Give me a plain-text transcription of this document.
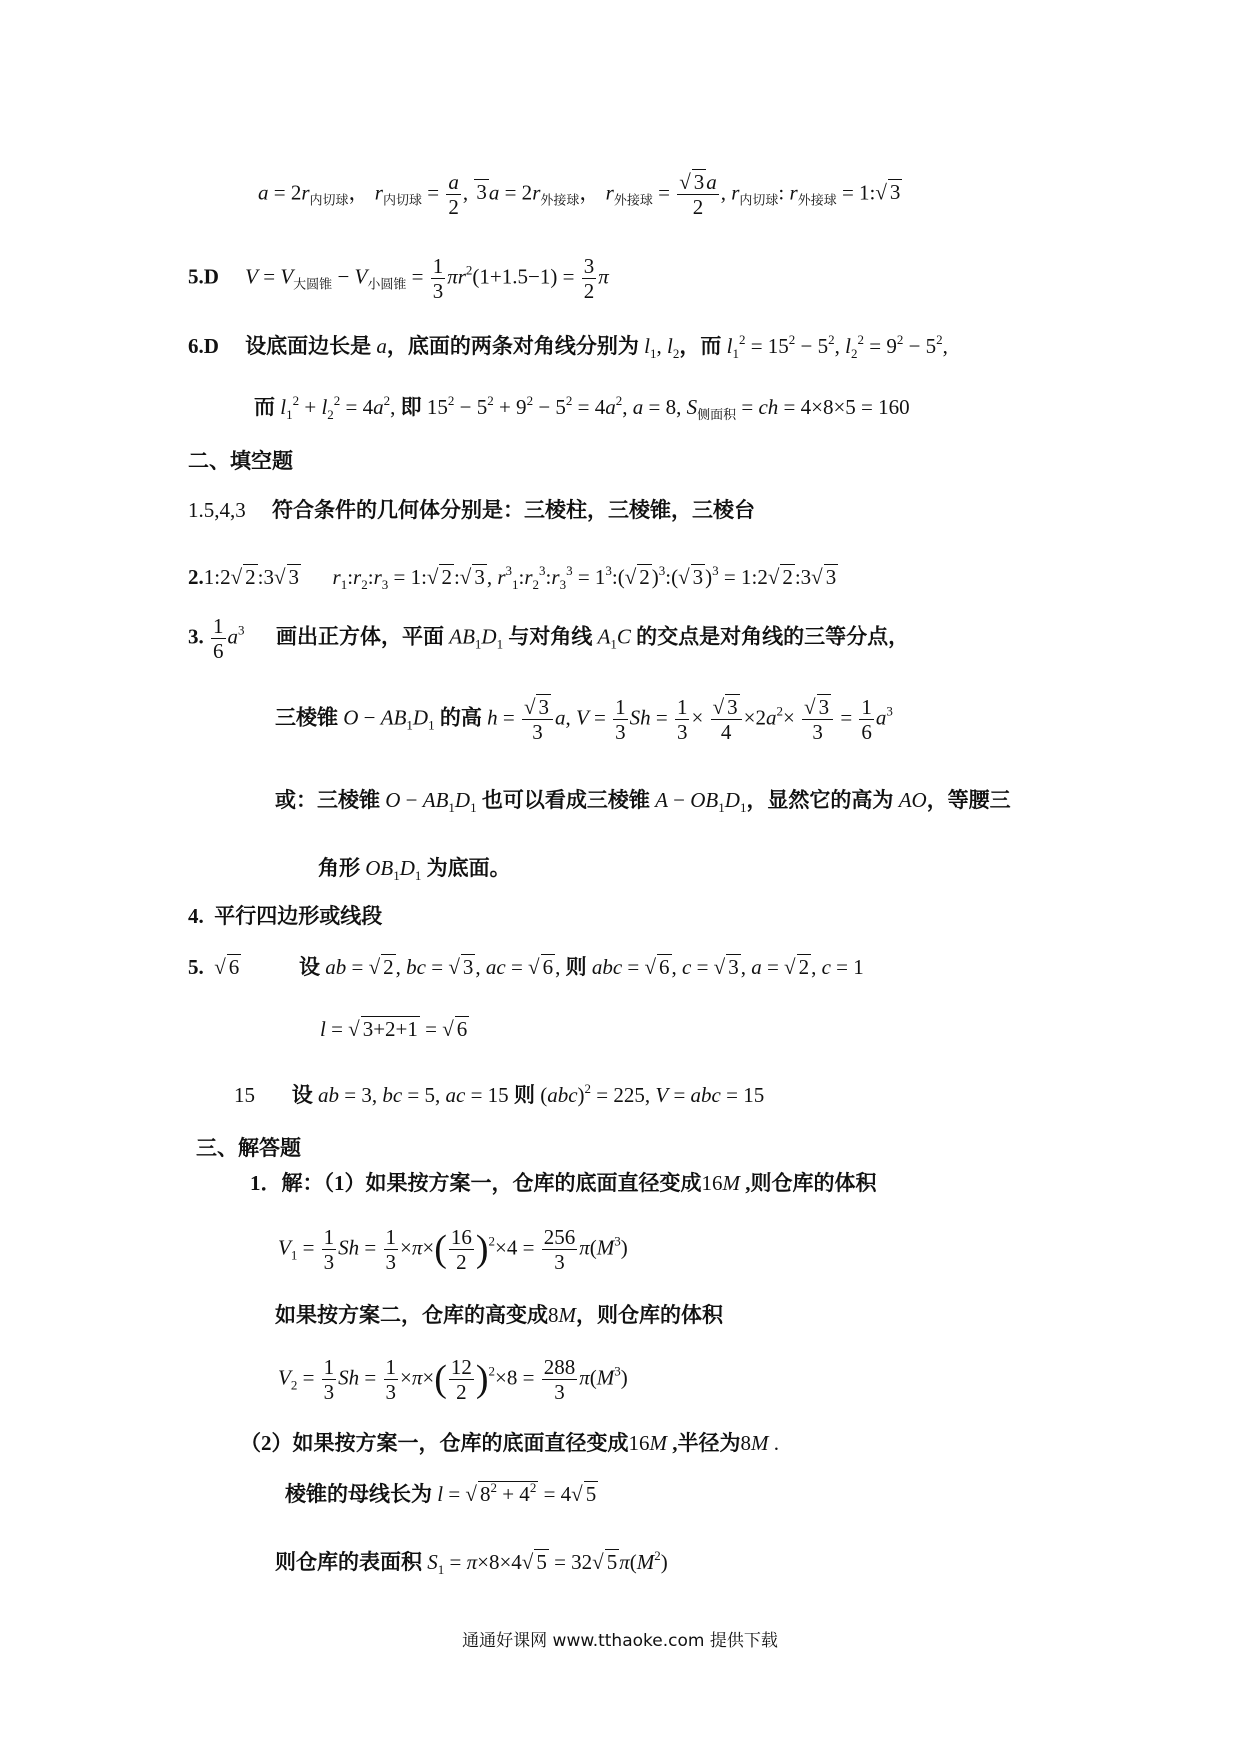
$a = 2r_{内切球}$， $r_{内切球} = \frac{a}{2}$ , $3a = 2r_{外接球}$， $r_{外接球} = \frac{√ 3a}{2}$ , $r_{内切球}$: $r_{外接球}$ = 1:√ 3
5.D $V = V_{大圆锥} - V_{小圆锥} = \frac{1}{3} \pi r^2(1+1.5-1) = \frac{3}{2}$ π
6.D 设底面边长是 a，底面的两条对角线分别为 $l_1$, $l_2$，而 $l_1^2 = 15^2 - 5^2$, $l_2^2 = 9^2 - 5^2$,
而 $l_1^2 + l_2^2 = 4a^2$, 即 $15^2 - 5^2 + 9^2 - 5^2 = 4a^2$, a = 8, $S_{侧面积}$ = ch = 4×8×5 = 160
二、填空题
1.5,4,3     符合条件的几何体分别是：三棱柱，三棱锥，三棱台
2.1:2√ 2:3√ 3 $r_1:r_2:r_3$ = 1:√ 2:√ 3, $r^3_1:r_2^3:r_3^3$ = $1^3:(√$ 2)$^3$:(√ 3)$^3$ = 1:2√ 2:3√ 3
3. $\frac{1}{6} a^3$ 画出正方体，平面 $AB_1D_1$ 与对角线 $A_1C$ 的交点是对角线的三等分点，
三棱锥 $O - AB_1D_1$ 的高 $h = \frac{√ 3}{3} a$, $V = \frac{1}{3}$ $Sh = \frac{1}{3} \times \frac{√ 3}{4} \times 2a^2\times \frac{√ 3}{3} = \frac{1}{6} a^3$
或：三棱锥 $O - AB_1D_1$ 也可以看成三棱锥 $A - OB_1D_1$，显然它的高为 AO，等腰三
角形 $OB_1D_1$ 为底面。
4.  平行四边形或线段
5.  √ 6	设 ab = √ 2, bc = √ 3, ac = √ 6, 则 abc = √ 6, c = √ 3, a = √ 2, c = 1
l = √ 3+2+1 = √ 6
15       设 ab = 3, bc = 5, ac = 15 则 (abc)$^2$ = 225, V = abc = 15
三、解答题
1．解：（1）如果按方案一，仓库的底面直径变成16M ,则仓库的体积
$V_1 = \frac{1}{3}$ $Sh = \frac{1}{3} \times\pi\times( \frac{16}{2} )^2\times 4 = \frac{256}{3} \pi(M^3)$
如果按方案二，仓库的高变成8M，则仓库的体积
$V_2 = \frac{1}{3}$ $Sh = \frac{1}{3} \times\pi\times( \frac{12}{2} )^2\times 8 = \frac{288}{3} \pi(M^3)$
（2）如果按方案一，仓库的底面直径变成16M ,半径为8M .
棱锥的母线长为 l = √ $8^2 + 4^2 = 4√$ 5
则仓库的表面积 $S_1 = \pi\times 8\times 4√$ 5 = 32√ $5\pi(M^2)$
通通好课网 www.tthaoke.com 提供下载
